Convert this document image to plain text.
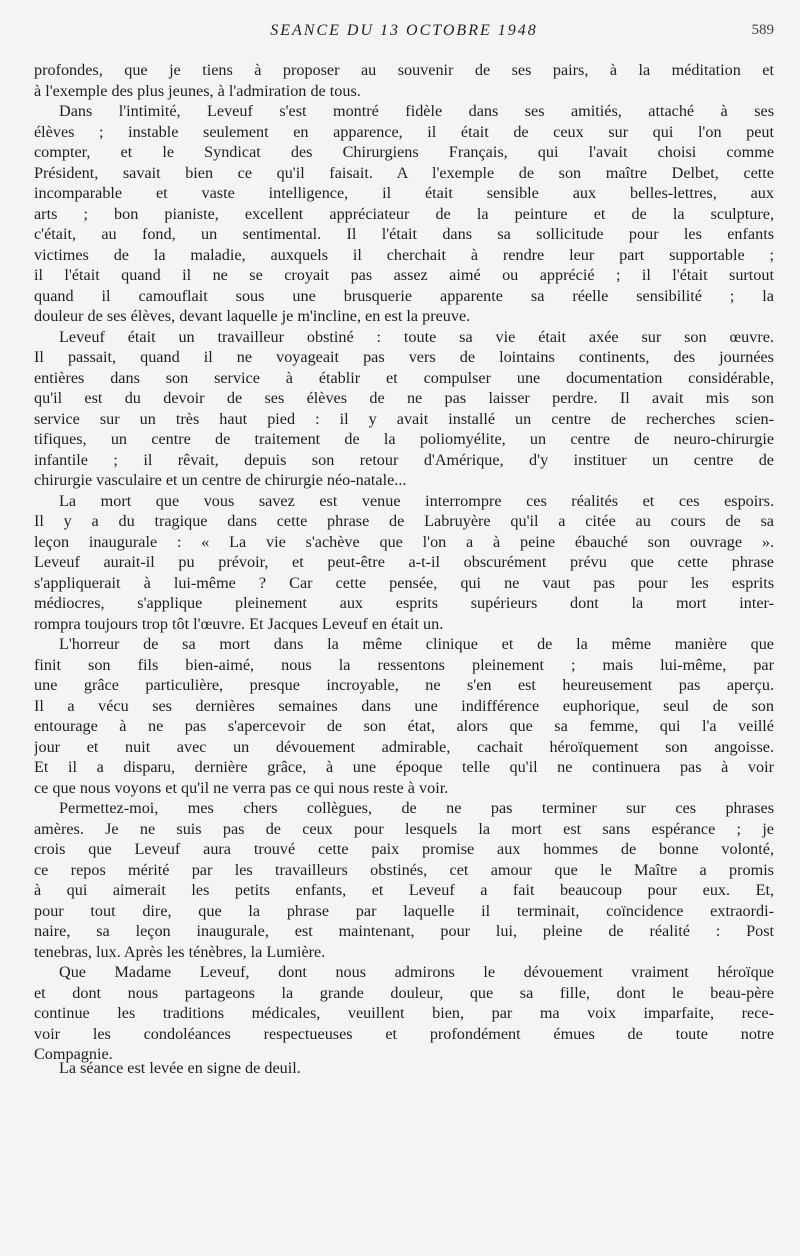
SEANCE DU 13 OCTOBRE 1948	589
profondes, que je tiens à proposer au souvenir de ses pairs, à la méditation et
à l'exemple des plus jeunes, à l'admiration de tous.
Dans l'intimité, Leveuf s'est montré fidèle dans ses amitiés, attaché à ses
élèves ; instable seulement en apparence, il était de ceux sur qui l'on peut
compter, et le Syndicat des Chirurgiens Français, qui l'avait choisi comme
Président, savait bien ce qu'il faisait. A l'exemple de son maître Delbet, cette
incomparable et vaste intelligence, il était sensible aux belles-lettres, aux
arts ; bon pianiste, excellent appréciateur de la peinture et de la sculpture,
c'était, au fond, un sentimental. Il l'était dans sa sollicitude pour les enfants
victimes de la maladie, auxquels il cherchait à rendre leur part supportable ;
il l'était quand il ne se croyait pas assez aimé ou apprécié ; il l'était surtout
quand il camouflait sous une brusquerie apparente sa réelle sensibilité ; la
douleur de ses élèves, devant laquelle je m'incline, en est la preuve.
Leveuf était un travailleur obstiné : toute sa vie était axée sur son œuvre.
Il passait, quand il ne voyageait pas vers de lointains continents, des journées
entières dans son service à établir et compulser une documentation considérable,
qu'il est du devoir de ses élèves de ne pas laisser perdre. Il avait mis son
service sur un très haut pied : il y avait installé un centre de recherches scien-
tifiques, un centre de traitement de la poliomyélite, un centre de neuro-chirurgie
infantile ; il rêvait, depuis son retour d'Amérique, d'y instituer un centre de
chirurgie vasculaire et un centre de chirurgie néo-natale...
La mort que vous savez est venue interrompre ces réalités et ces espoirs.
Il y a du tragique dans cette phrase de Labruyère qu'il a citée au cours de sa
leçon inaugurale : « La vie s'achève que l'on a à peine ébauché son ouvrage ».
Leveuf aurait-il pu prévoir, et peut-être a-t-il obscurément prévu que cette phrase
s'appliquerait à lui-même ? Car cette pensée, qui ne vaut pas pour les esprits
médiocres, s'applique pleinement aux esprits supérieurs dont la mort inter-
rompra toujours trop tôt l'œuvre. Et Jacques Leveuf en était un.
L'horreur de sa mort dans la même clinique et de la même manière que
finit son fils bien-aimé, nous la ressentons pleinement ; mais lui-même, par
une grâce particulière, presque incroyable, ne s'en est heureusement pas aperçu.
Il a vécu ses dernières semaines dans une indifférence euphorique, seul de son
entourage à ne pas s'apercevoir de son état, alors que sa femme, qui l'a veillé
jour et nuit avec un dévouement admirable, cachait héroïquement son angoisse.
Et il a disparu, dernière grâce, à une époque telle qu'il ne continuera pas à voir
ce que nous voyons et qu'il ne verra pas ce qui nous reste à voir.
Permettez-moi, mes chers collègues, de ne pas terminer sur ces phrases
amères. Je ne suis pas de ceux pour lesquels la mort est sans espérance ; je
crois que Leveuf aura trouvé cette paix promise aux hommes de bonne volonté,
ce repos mérité par les travailleurs obstinés, cet amour que le Maître a promis
à qui aimerait les petits enfants, et Leveuf a fait beaucoup pour eux. Et,
pour tout dire, que la phrase par laquelle il terminait, coïncidence extraordi-
naire, sa leçon inaugurale, est maintenant, pour lui, pleine de réalité : Post
tenebras, lux. Après les ténèbres, la Lumière.
Que Madame Leveuf, dont nous admirons le dévouement vraiment héroïque
et dont nous partageons la grande douleur, que sa fille, dont le beau-père
continue les traditions médicales, veuillent bien, par ma voix imparfaite, rece-
voir les condoléances respectueuses et profondément émues de toute notre
Compagnie.
La séance est levée en signe de deuil.
